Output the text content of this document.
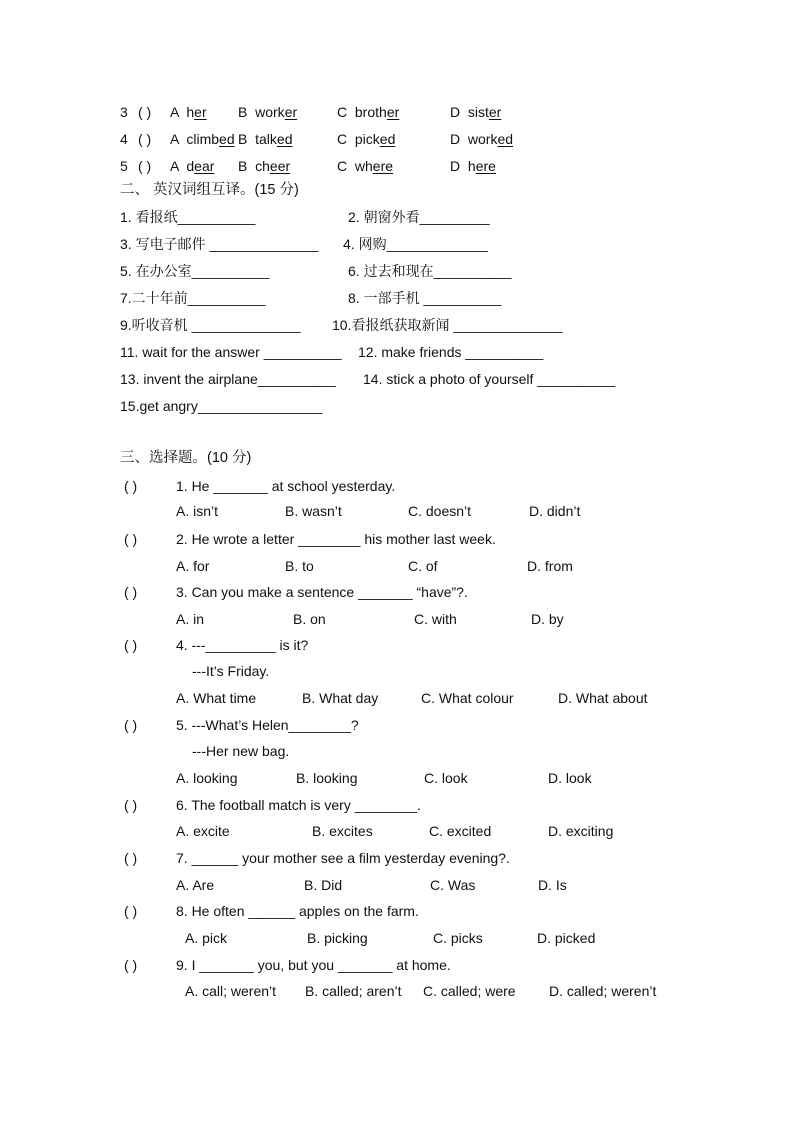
3 ( ) A  her B  worker	C  brother	D  sister
4 ( ) A  climbed B  talked	C  picked	D  worked
5 ( ) A  dear B  cheer	C  where	D  here
二、 英汉词组互译。(15 分)
1. 看报纸__________	2. 朝窗外看_________
3. 写电子邮件 ______________ 4. 网购_____________
5. 在办公室__________	6. 过去和现在__________
7.二十年前__________	8. 一部手机 __________
9.听收音机 ______________ 10.看报纸获取新闻 ______________
11. wait for the answer __________ 12. make friends __________
13. invent the airplane__________ 14. stick a photo of yourself __________
15.get angry________________
三、选择题。(10 分)
( )	1. He _______ at school yesterday.
A. isn’t	B. wasn’t	C. doesn’t	D. didn’t
( )	2. He wrote a letter ________ his mother last week.
A. for	B. to	C. of	D. from
( )	3. Can you make a sentence _______ “have”?.
A. in	B. on	C. with	D. by
( )	4. ---_________ is it?
---It’s Friday.
A. What time	B. What day	C. What colour	D. What about
( )	5. ---What’s Helen________?
---Her new bag.
A. looking	B. looking	C. look	D. look
( )	6. The football match is very ________.
A. excite	B. excites	C. excited	D. exciting
( )	7. ______ your mother see a film yesterday evening?.
A. Are	B. Did	C. Was	D. Is
( )	8. He often ______ apples on the farm.
A. pick	B. picking	C. picks	D. picked
( )	9. I _______ you, but you _______ at home.
A. call; weren’t B. called; aren’t C. called; were D. called; weren’t
